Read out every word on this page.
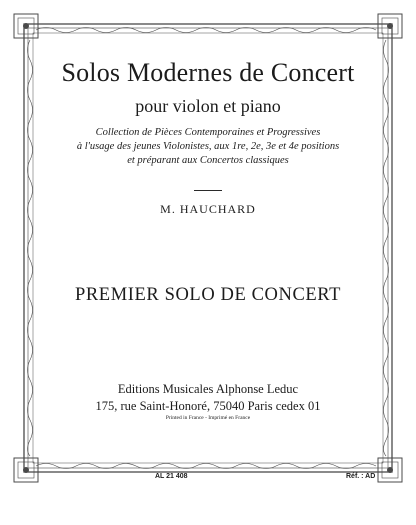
Solos Modernes de Concert
pour violon et piano
Collection de Pièces Contemporaines et Progressives
à l'usage des jeunes Violonistes, aux 1re, 2e, 3e et 4e positions
et préparant aux Concertos classiques
M. HAUCHARD
PREMIER SOLO DE CONCERT
Editions Musicales Alphonse Leduc
175, rue Saint-Honoré, 75040 Paris cedex 01
Printed in France - Imprimé en France
AL 21 408	Réf. : AD
